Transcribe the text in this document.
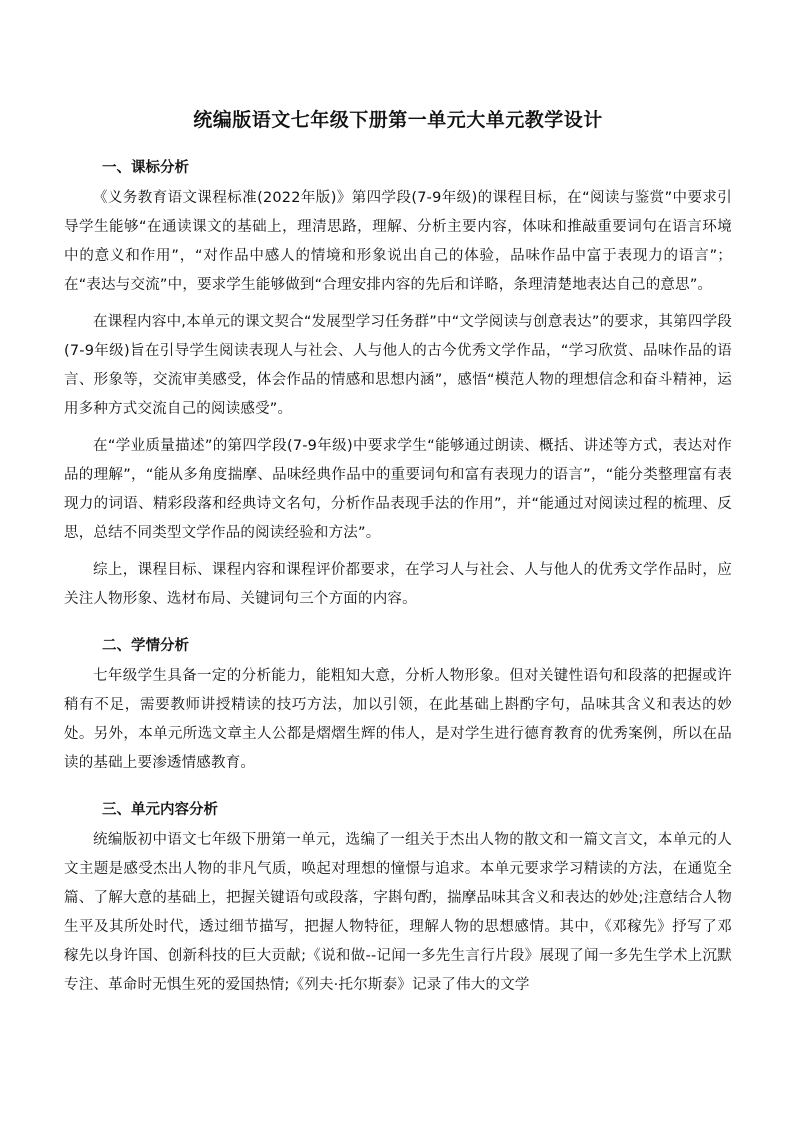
统编版语文七年级下册第一单元大单元教学设计
一、课标分析

《义务教育语文课程标准(2022年版)》第四学段(7-9年级)的课程目标，在“阅读与鉴赏”中要求引导学生能够“在通读课文的基础上，理清思路，理解、分析主要内容，体味和推敲重要词句在语言环境中的意义和作用”，“对作品中感人的情境和形象说出自己的体验，品味作品中富于表现力的语言”；在“表达与交流”中，要求学生能够做到“合理安排内容的先后和详略，条理清楚地表达自己的意思”。

在课程内容中,本单元的课文契合“发展型学习任务群”中“文学阅读与创意表达”的要求，其第四学段(7-9年级)旨在引导学生阅读表现人与社会、人与他人的古今优秀文学作品，“学习欣赏、品味作品的语言、形象等，交流审美感受，体会作品的情感和思想内涵”，感悟“模范人物的理想信念和奋斗精神，运用多种方式交流自己的阅读感受”。

在“学业质量描述”的第四学段(7-9年级)中要求学生“能够通过朗读、概括、讲述等方式，表达对作品的理解”，“能从多角度揣摩、品味经典作品中的重要词句和富有表现力的语言”，“能分类整理富有表现力的词语、精彩段落和经典诗文名句，分析作品表现手法的作用”，并“能通过对阅读过程的梳理、反思，总结不同类型文学作品的阅读经验和方法”。

综上，课程目标、课程内容和课程评价都要求，在学习人与社会、人与他人的优秀文学作品时，应关注人物形象、选材布局、关键词句三个方面的内容。

二、学情分析

七年级学生具备一定的分析能力，能粗知大意，分析人物形象。但对关键性语句和段落的把握或许稍有不足，需要教师讲授精读的技巧方法，加以引领，在此基础上斟酌字句，品味其含义和表达的妙处。另外，本单元所选文章主人公都是熠熠生辉的伟人，是对学生进行德育教育的优秀案例，所以在品读的基础上要渗透情感教育。

三、单元内容分析

统编版初中语文七年级下册第一单元，选编了一组关于杰出人物的散文和一篇文言文，本单元的人文主题是感受杰出人物的非凡气质，唤起对理想的憧憬与追求。本单元要求学习精读的方法，在通览全篇、了解大意的基础上，把握关键语句或段落，字斟句酌，揣摩品味其含义和表达的妙处;注意结合人物生平及其所处时代，透过细节描写，把握人物特征，理解人物的思想感情。其中，《邓稼先》抒写了邓稼先以身许国、创新科技的巨大贡献;《说和做--记闻一多先生言行片段》展现了闻一多先生学术上沉默专注、革命时无惧生死的爱国热情;《列夫·托尔斯泰》记录了伟大的文学
